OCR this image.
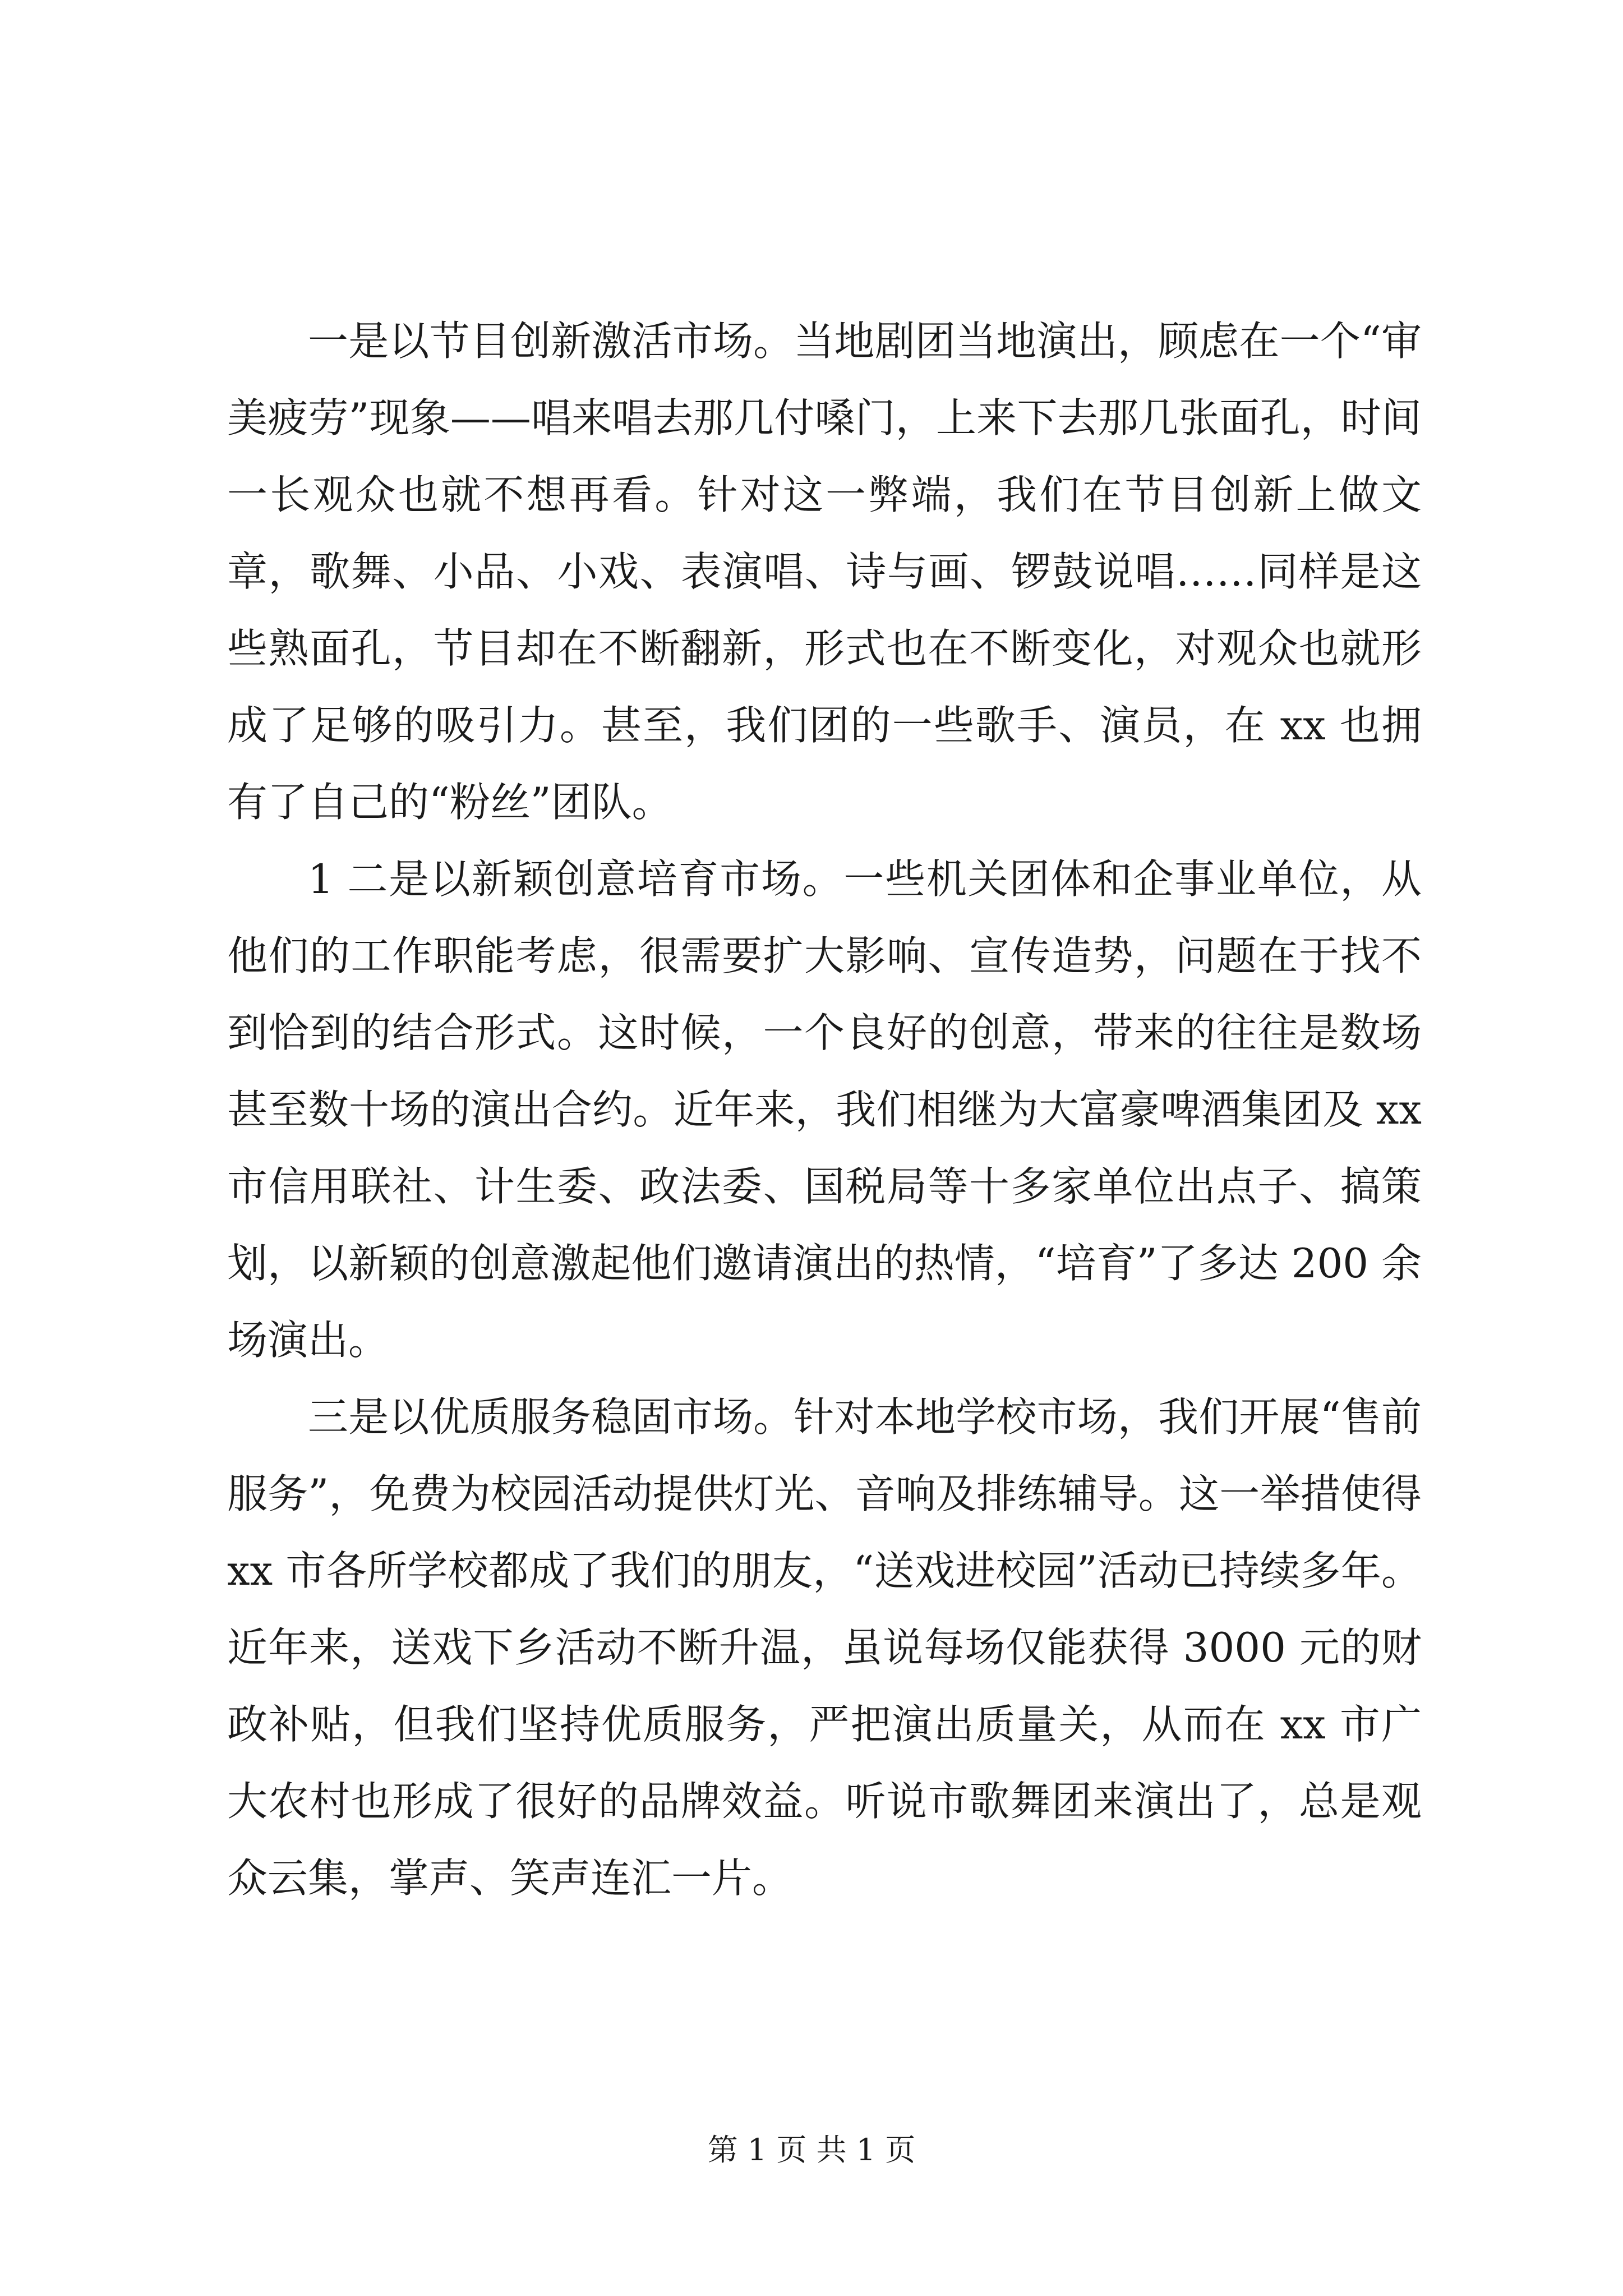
一是以节目创新激活市场。当地剧团当地演出，顾虑在一个“审美疲劳”现象——唱来唱去那几付嗓门，上来下去那几张面孔，时间一长观众也就不想再看。针对这一弊端，我们在节目创新上做文章，歌舞、小品、小戏、表演唱、诗与画、锣鼓说唱……同样是这些熟面孔，节目却在不断翻新，形式也在不断变化，对观众也就形成了足够的吸引力。甚至，我们团的一些歌手、演员，在 xx 也拥有了自己的“粉丝”团队。

1 二是以新颖创意培育市场。一些机关团体和企事业单位，从他们的工作职能考虑，很需要扩大影响、宣传造势，问题在于找不到恰到的结合形式。这时候，一个良好的创意，带来的往往是数场甚至数十场的演出合约。近年来，我们相继为大富豪啤酒集团及 xx 市信用联社、计生委、政法委、国税局等十多家单位出点子、搞策划，以新颖的创意激起他们邀请演出的热情，“培育”了多达 200 余场演出。

三是以优质服务稳固市场。针对本地学校市场，我们开展“售前服务”，免费为校园活动提供灯光、音响及排练辅导。这一举措使得 xx 市各所学校都成了我们的朋友，“送戏进校园”活动已持续多年。近年来，送戏下乡活动不断升温，虽说每场仅能获得 3000 元的财政补贴，但我们坚持优质服务，严把演出质量关，从而在 xx 市广大农村也形成了很好的品牌效益。听说市歌舞团来演出了，总是观众云集，掌声、笑声连汇一片。

第 1 页 共 1 页
